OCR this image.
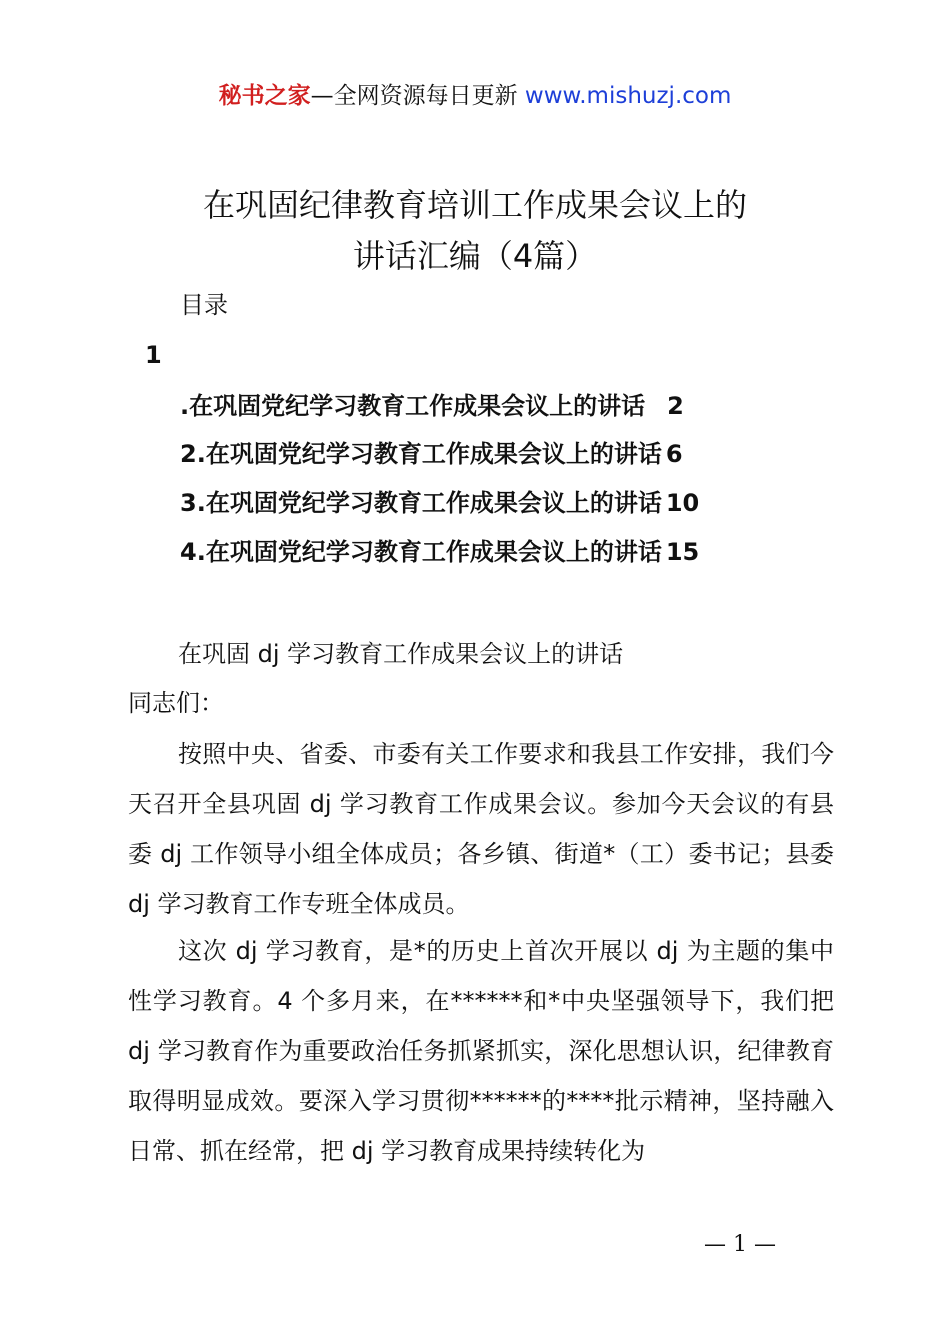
秘书之家—全网资源每日更新 www.mishuzj.com
在巩固纪律教育培训工作成果会议上的
讲话汇编（4篇）
目录
1
.在巩固党纪学习教育工作成果会议上的讲话 2
2.在巩固党纪学习教育工作成果会议上的讲话 6
3.在巩固党纪学习教育工作成果会议上的讲话 10
4.在巩固党纪学习教育工作成果会议上的讲话 15
在巩固 dj 学习教育工作成果会议上的讲话
同志们：

按照中央、省委、市委有关工作要求和我县工作安排，我们今天召开全县巩固 dj 学习教育工作成果会议。参加今天会议的有县委 dj 工作领导小组全体成员；各乡镇、街道*（工）委书记；县委 dj 学习教育工作专班全体成员。

这次 dj 学习教育，是*的历史上首次开展以 dj 为主题的集中性学习教育。4 个多月来，在******和*中央坚强领导下，我们把 dj 学习教育作为重要政治任务抓紧抓实，深化思想认识，纪律教育取得明显成效。要深入学习贯彻******的****批示精神，坚持融入日常、抓在经常，把 dj 学习教育成果持续转化为

— 1 —
